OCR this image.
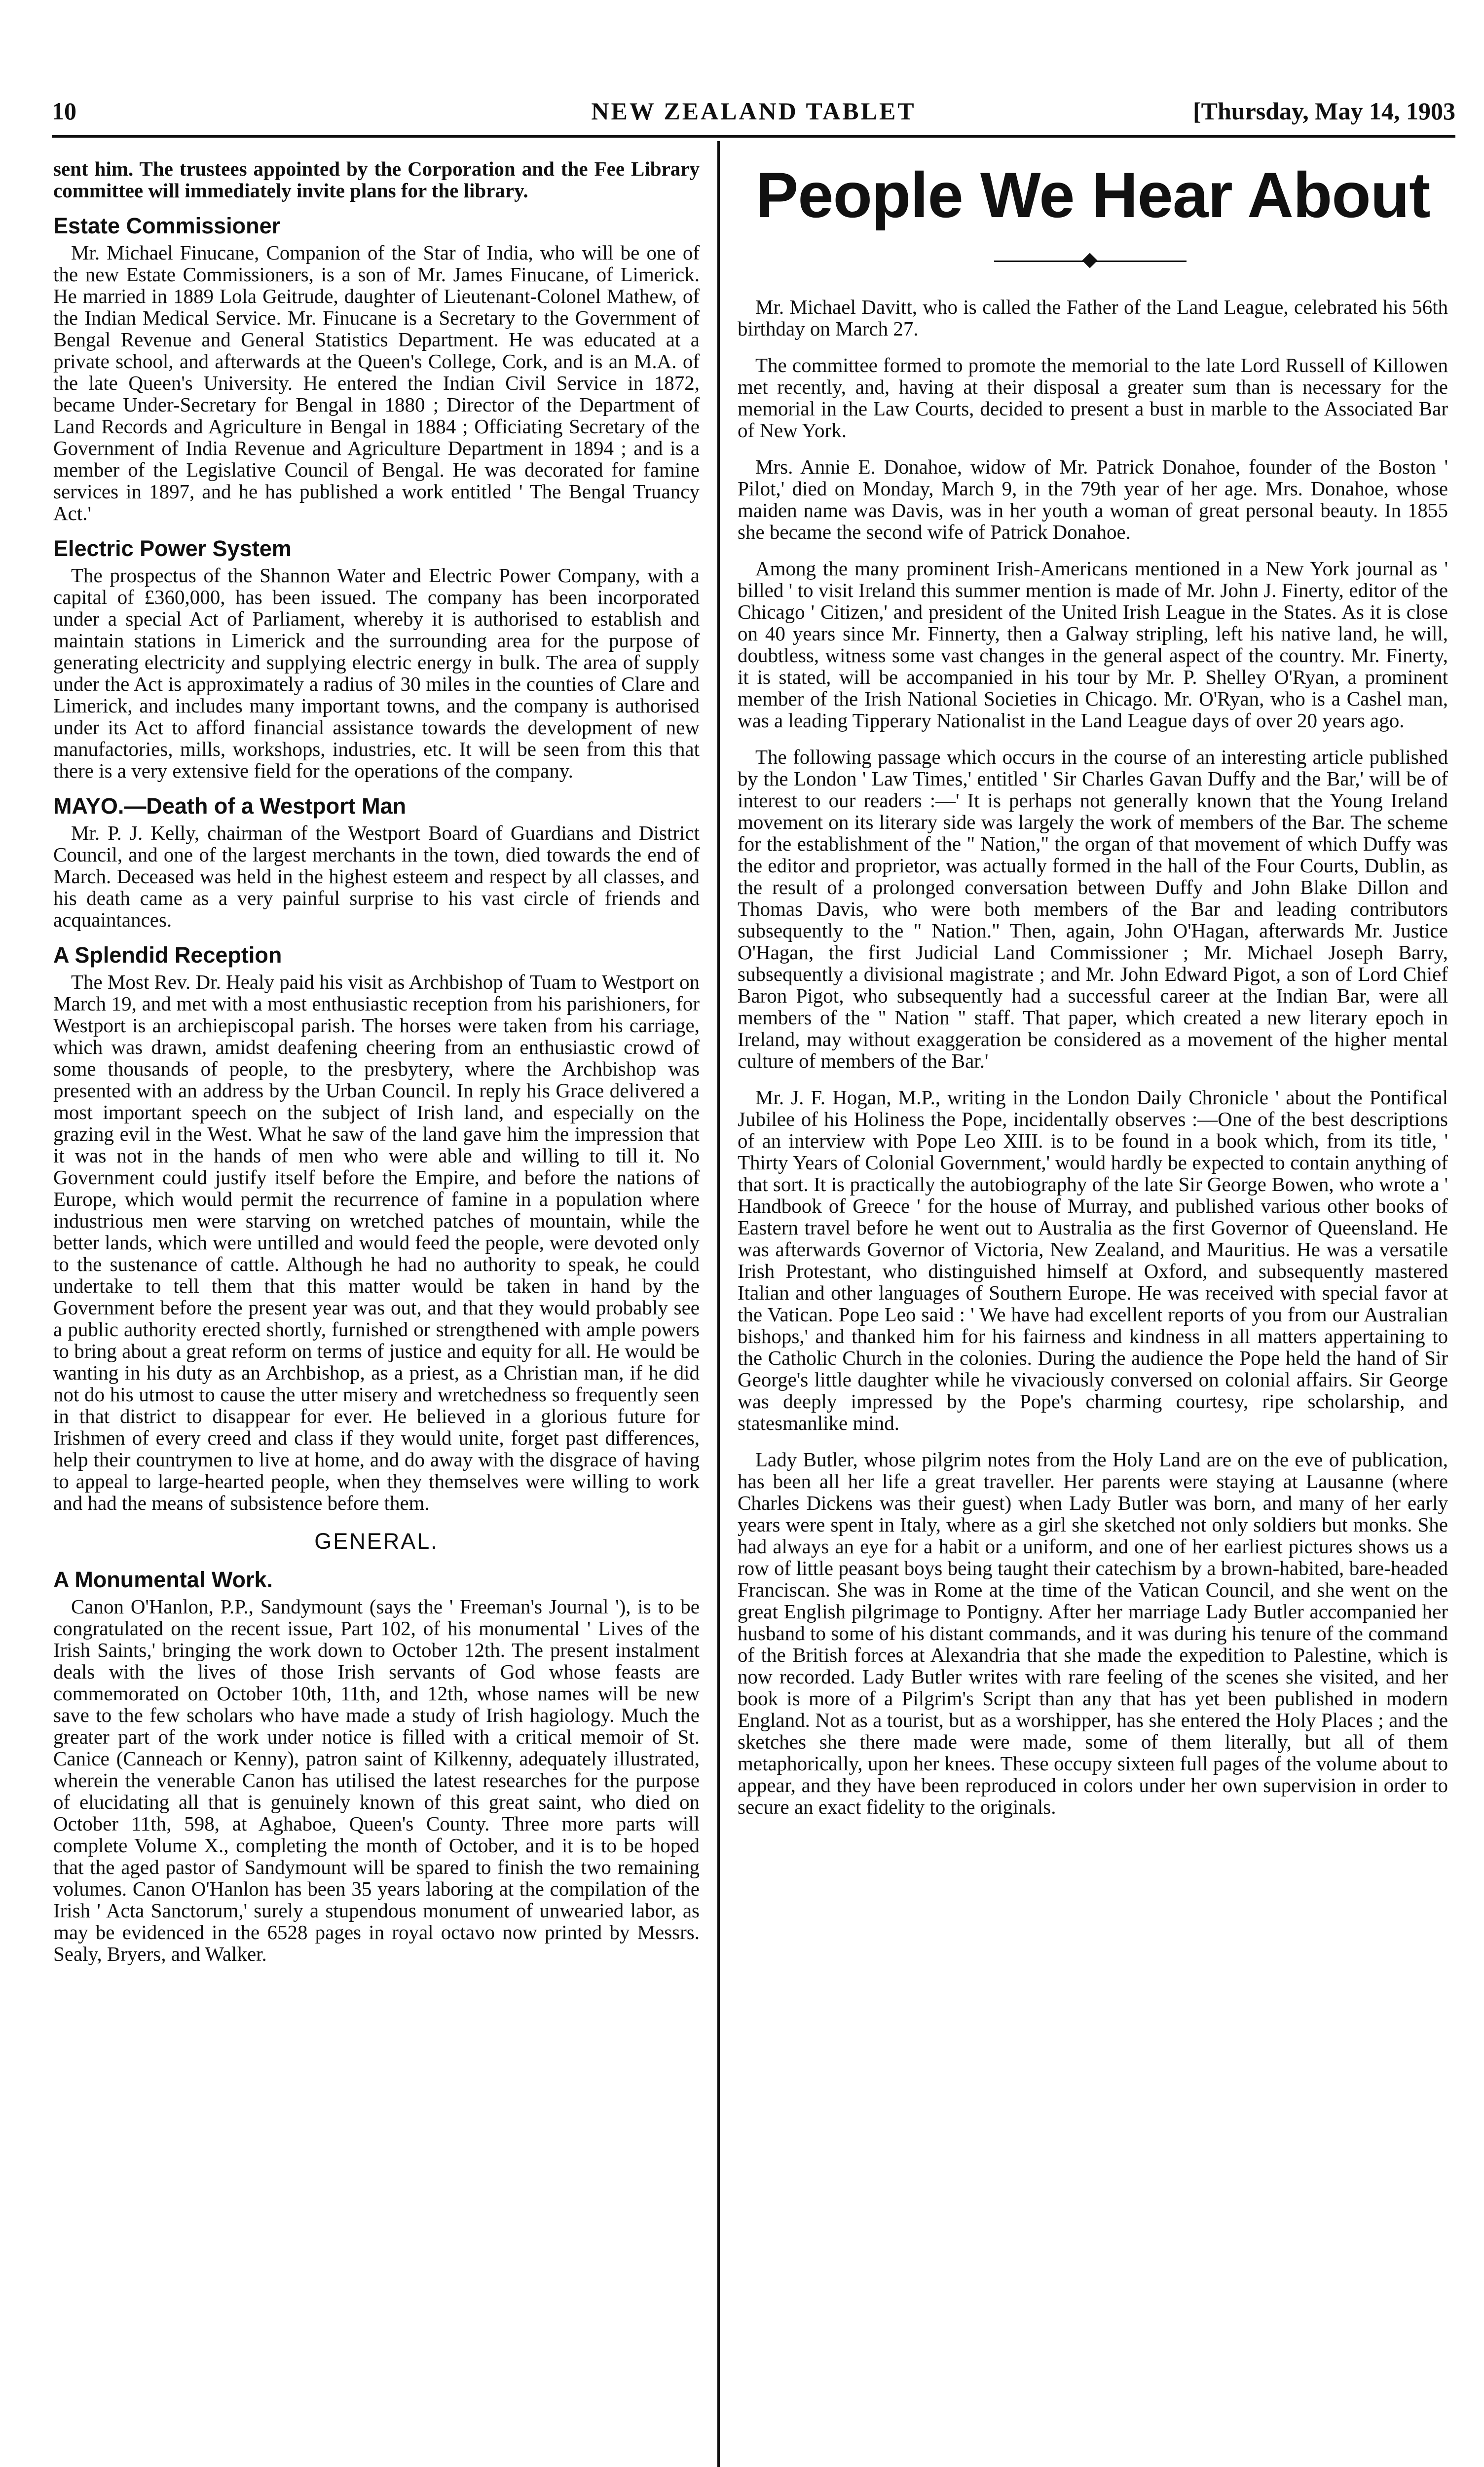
10	NEW ZEALAND TABLET	[Thursday, May 14, 1903

sent him. The trustees appointed by the Corporation and the Fee Library committee will immediately invite plans for the library.

Estate Commissioner

Mr. Michael Finucane, Companion of the Star of India, who will be one of the new Estate Commissioners, is a son of Mr. James Finucane, of Limerick. He married in 1889 Lola Geitrude, daughter of Lieutenant-Colonel Mathew, of the Indian Medical Service. Mr. Finucane is a Secretary to the Government of Bengal Revenue and General Statistics Department. He was educated at a private school, and afterwards at the Queen's College, Cork, and is an M.A. of the late Queen's University. He entered the Indian Civil Service in 1872, became Under-Secretary for Bengal in 1880 ; Director of the Department of Land Records and Agriculture in Bengal in 1884 ; Officiating Secretary of the Government of India Revenue and Agriculture Department in 1894 ; and is a member of the Legislative Council of Bengal. He was decorated for famine services in 1897, and he has published a work entitled ' The Bengal Truancy Act.'

Electric Power System

The prospectus of the Shannon Water and Electric Power Company, with a capital of £360,000, has been issued. The company has been incorporated under a special Act of Parliament, whereby it is authorised to establish and maintain stations in Limerick and the surrounding area for the purpose of generating electricity and supplying electric energy in bulk. The area of supply under the Act is approximately a radius of 30 miles in the counties of Clare and Limerick, and includes many important towns, and the company is authorised under its Act to afford financial assistance towards the development of new manufactories, mills, workshops, industries, etc. It will be seen from this that there is a very extensive field for the operations of the company.

MAYO.—Death of a Westport Man

Mr. P. J. Kelly, chairman of the Westport Board of Guardians and District Council, and one of the largest merchants in the town, died towards the end of March. Deceased was held in the highest esteem and respect by all classes, and his death came as a very painful surprise to his vast circle of friends and acquaintances.

A Splendid Reception

The Most Rev. Dr. Healy paid his visit as Archbishop of Tuam to Westport on March 19, and met with a most enthusiastic reception from his parishioners, for Westport is an archiepiscopal parish. The horses were taken from his carriage, which was drawn, amidst deafening cheering from an enthusiastic crowd of some thousands of people, to the presbytery, where the Archbishop was presented with an address by the Urban Council. In reply his Grace delivered a most important speech on the subject of Irish land, and especially on the grazing evil in the West. What he saw of the land gave him the impression that it was not in the hands of men who were able and willing to till it. No Government could justify itself before the Empire, and before the nations of Europe, which would permit the recurrence of famine in a population where industrious men were starving on wretched patches of mountain, while the better lands, which were untilled and would feed the people, were devoted only to the sustenance of cattle. Although he had no authority to speak, he could undertake to tell them that this matter would be taken in hand by the Government before the present year was out, and that they would probably see a public authority erected shortly, furnished or strengthened with ample powers to bring about a great reform on terms of justice and equity for all. He would be wanting in his duty as an Archbishop, as a priest, as a Christian man, if he did not do his utmost to cause the utter misery and wretchedness so frequently seen in that district to disappear for ever. He believed in a glorious future for Irishmen of every creed and class if they would unite, forget past differences, help their countrymen to live at home, and do away with the disgrace of having to appeal to large-hearted people, when they themselves were willing to work and had the means of subsistence before them.

GENERAL.
A Monumental Work.

Canon O'Hanlon, P.P., Sandymount (says the ' Freeman's Journal '), is to be congratulated on the recent issue, Part 102, of his monumental ' Lives of the Irish Saints,' bringing the work down to October 12th. The present instalment deals with the lives of those Irish servants of God whose feasts are commemorated on October 10th, 11th, and 12th, whose names will be new save to the few scholars who have made a study of Irish hagiology. Much the greater part of the work under notice is filled with a critical memoir of St. Canice (Canneach or Kenny), patron saint of Kilkenny, adequately illustrated, wherein the venerable Canon has utilised the latest researches for the purpose of elucidating all that is genuinely known of this great saint, who died on October 11th, 598, at Aghaboe, Queen's County. Three more parts will complete Volume X., completing the month of October, and it is to be hoped that the aged pastor of Sandymount will be spared to finish the two remaining volumes. Canon O'Hanlon has been 35 years laboring at the compilation of the Irish ' Acta Sanctorum,' surely a stupendous monument of unwearied labor, as may be evidenced in the 6528 pages in royal octavo now printed by Messrs. Sealy, Bryers, and Walker.

People We Hear About

Mr. Michael Davitt, who is called the Father of the Land League, celebrated his 56th birthday on March 27.

The committee formed to promote the memorial to the late Lord Russell of Killowen met recently, and, having at their disposal a greater sum than is necessary for the memorial in the Law Courts, decided to present a bust in marble to the Associated Bar of New York.

Mrs. Annie E. Donahoe, widow of Mr. Patrick Donahoe, founder of the Boston ' Pilot,' died on Monday, March 9, in the 79th year of her age. Mrs. Donahoe, whose maiden name was Davis, was in her youth a woman of great personal beauty. In 1855 she became the second wife of Patrick Donahoe.

Among the many prominent Irish-Americans mentioned in a New York journal as ' billed ' to visit Ireland this summer mention is made of Mr. John J. Finerty, editor of the Chicago ' Citizen,' and president of the United Irish League in the States. As it is close on 40 years since Mr. Finnerty, then a Galway stripling, left his native land, he will, doubtless, witness some vast changes in the general aspect of the country. Mr. Finerty, it is stated, will be accompanied in his tour by Mr. P. Shelley O'Ryan, a prominent member of the Irish National Societies in Chicago. Mr. O'Ryan, who is a Cashel man, was a leading Tipperary Nationalist in the Land League days of over 20 years ago.

The following passage which occurs in the course of an interesting article published by the London ' Law Times,' entitled ' Sir Charles Gavan Duffy and the Bar,' will be of interest to our readers :—' It is perhaps not generally known that the Young Ireland movement on its literary side was largely the work of members of the Bar. The scheme for the establishment of the " Nation," the organ of that movement of which Duffy was the editor and proprietor, was actually formed in the hall of the Four Courts, Dublin, as the result of a prolonged conversation between Duffy and John Blake Dillon and Thomas Davis, who were both members of the Bar and leading contributors subsequently to the " Nation." Then, again, John O'Hagan, afterwards Mr. Justice O'Hagan, the first Judicial Land Commissioner ; Mr. Michael Joseph Barry, subsequently a divisional magistrate ; and Mr. John Edward Pigot, a son of Lord Chief Baron Pigot, who subsequently had a successful career at the Indian Bar, were all members of the " Nation " staff. That paper, which created a new literary epoch in Ireland, may without exaggeration be considered as a movement of the higher mental culture of members of the Bar.'

Mr. J. F. Hogan, M.P., writing in the London Daily Chronicle ' about the Pontifical Jubilee of his Holiness the Pope, incidentally observes :—One of the best descriptions of an interview with Pope Leo XIII. is to be found in a book which, from its title, ' Thirty Years of Colonial Government,' would hardly be expected to contain anything of that sort. It is practically the autobiography of the late Sir George Bowen, who wrote a ' Handbook of Greece ' for the house of Murray, and published various other books of Eastern travel before he went out to Australia as the first Governor of Queensland. He was afterwards Governor of Victoria, New Zealand, and Mauritius. He was a versatile Irish Protestant, who distinguished himself at Oxford, and subsequently mastered Italian and other languages of Southern Europe. He was received with special favor at the Vatican. Pope Leo said : ' We have had excellent reports of you from our Australian bishops,' and thanked him for his fairness and kindness in all matters appertaining to the Catholic Church in the colonies. During the audience the Pope held the hand of Sir George's little daughter while he vivaciously conversed on colonial affairs. Sir George was deeply impressed by the Pope's charming courtesy, ripe scholarship, and statesmanlike mind.

Lady Butler, whose pilgrim notes from the Holy Land are on the eve of publication, has been all her life a great traveller. Her parents were staying at Lausanne (where Charles Dickens was their guest) when Lady Butler was born, and many of her early years were spent in Italy, where as a girl she sketched not only soldiers but monks. She had always an eye for a habit or a uniform, and one of her earliest pictures shows us a row of little peasant boys being taught their catechism by a brown-habited, bare-headed Franciscan. She was in Rome at the time of the Vatican Council, and she went on the great English pilgrimage to Pontigny. After her marriage Lady Butler accompanied her husband to some of his distant commands, and it was during his tenure of the command of the British forces at Alexandria that she made the expedition to Palestine, which is now recorded. Lady Butler writes with rare feeling of the scenes she visited, and her book is more of a Pilgrim's Script than any that has yet been published in modern England. Not as a tourist, but as a worshipper, has she entered the Holy Places ; and the sketches she there made were made, some of them literally, but all of them metaphorically, upon her knees. These occupy sixteen full pages of the volume about to appear, and they have been reproduced in colors under her own supervision in order to secure an exact fidelity to the originals.
